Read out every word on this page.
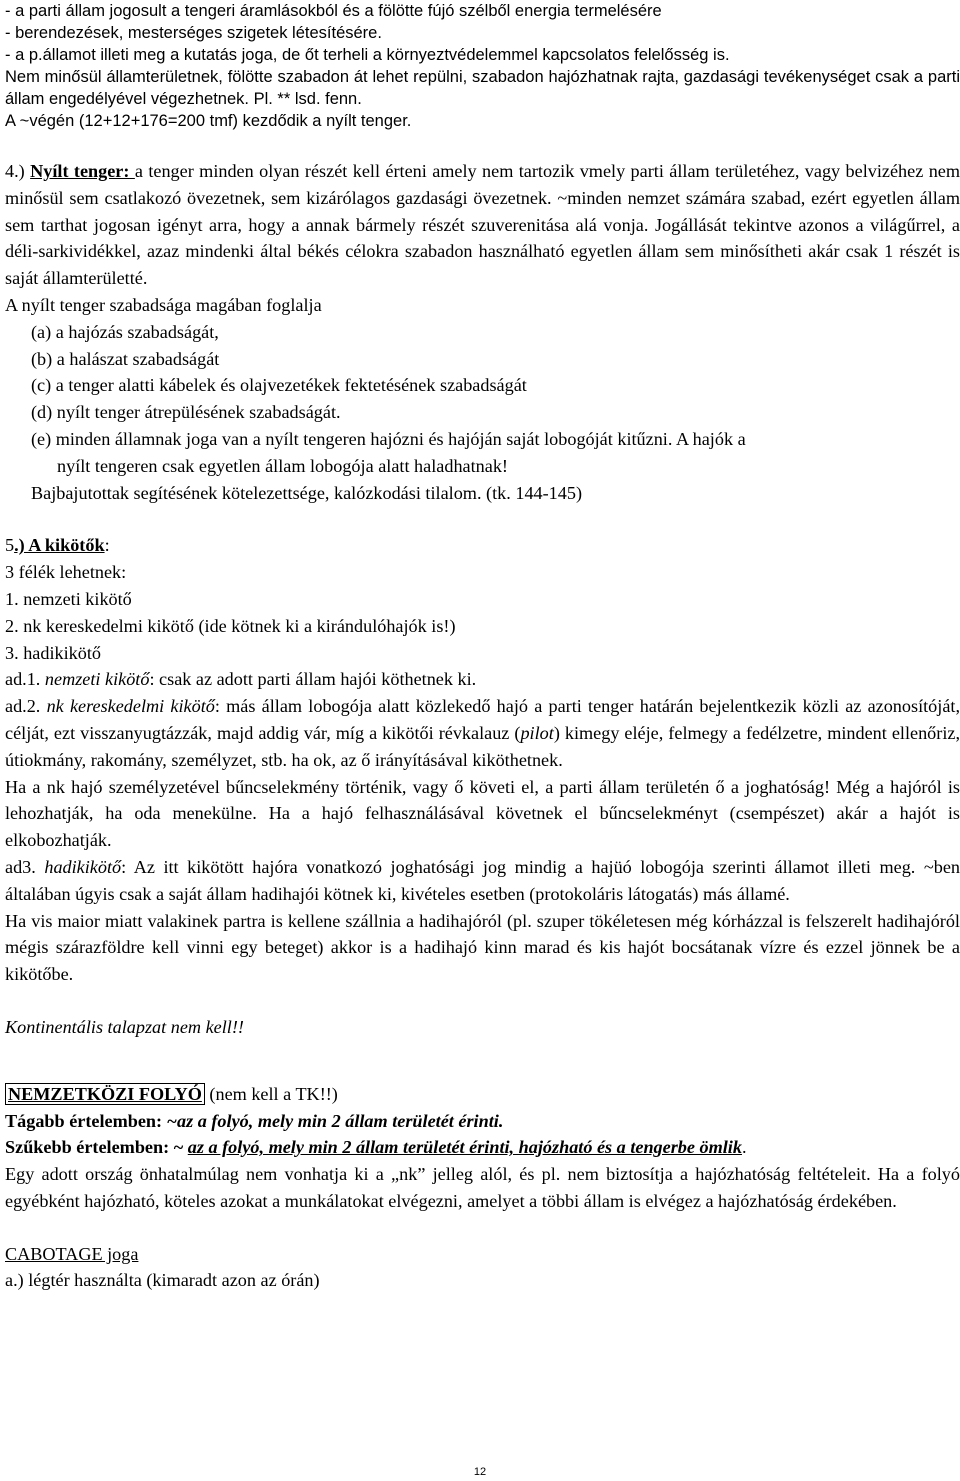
- a parti állam jogosult a tengeri áramlásokból és a fölötte fújó szélből energia termelésére

- berendezések, mesterséges szigetek létesítésére.

- a p.államot illeti meg a kutatás joga, de őt terheli a környeztvédelemmel kapcsolatos felelősség is.

Nem minősül államterületnek, fölötte szabadon át lehet repülni, szabadon hajózhatnak rajta, gazdasági tevékenységet csak a parti állam engedélyével végezhetnek. Pl. ** lsd. fenn.

A ~végén (12+12+176=200 tmf) kezdődik a nyílt tenger.

4.) Nyílt tenger: a tenger minden olyan részét kell érteni amely nem tartozik vmely parti állam területéhez, vagy belvizéhez nem minősül sem csatlakozó övezetnek, sem kizárólagos gazdasági övezetnek. ~minden nemzet számára szabad, ezért egyetlen állam sem tarthat jogosan igényt arra, hogy a annak bármely részét szuverenitása alá vonja. Jogállását tekintve azonos a világűrrel, a déli-sarkividékkel, azaz mindenki által békés célokra szabadon használható egyetlen állam sem minősítheti akár csak 1 részét is saját államterületté.

A nyílt tenger szabadsága magában foglalja

(a) a hajózás szabadságát,

(b) a halászat szabadságát

(c) a tenger alatti kábelek és olajvezetékek fektetésének szabadságát

(d) nyílt tenger átrepülésének szabadságát.

(e) minden államnak joga van a nyílt tengeren hajózni és hajóján saját lobogóját kitűzni. A hajók a

nyílt tengeren csak egyetlen állam lobogója alatt haladhatnak!

Bajbajutottak segítésének kötelezettsége, kalózkodási tilalom. (tk. 144-145)

5.) A kikötők:

3 félék lehetnek:

1. nemzeti kikötő

2. nk kereskedelmi kikötő (ide kötnek ki a kirándulóhajók is!)

3. hadikikötő

ad.1. nemzeti kikötő: csak az adott parti állam hajói köthetnek ki.

ad.2. nk kereskedelmi kikötő: más állam lobogója alatt közlekedő hajó a parti tenger határán bejelentkezik közli az azonosítóját, célját, ezt visszanyugtázzák, majd addig vár, míg a kikötői révkalauz (pilot) kimegy eléje, felmegy a fedélzetre, mindent ellenőriz, útiokmány, rakomány, személyzet, stb. ha ok, az ő irányításával kiköthetnek.

Ha a nk hajó személyzetével bűncselekmény történik, vagy ő követi el, a parti állam területén ő a joghatóság! Még a hajóról is lehozhatják, ha oda menekülne. Ha a hajó felhasználásával követnek el bűncselekményt (csempészet) akár a hajót is elkobozhatják.

ad3. hadikikötő: Az itt kikötött hajóra vonatkozó joghatósági jog mindig a hajüó lobogója szerinti államot illeti meg. ~ben általában úgyis csak a saját állam hadihajói kötnek ki, kivételes esetben (protokoláris látogatás) más államé.

Ha vis maior miatt valakinek partra is kellene szállnia a hadihajóról (pl. szuper tökéletesen még kórházzal is felszerelt hadihajóról mégis szárazföldre kell vinni egy beteget) akkor is a hadihajó kinn marad és kis hajót bocsátanak vízre és ezzel jönnek be a kikötőbe.

Kontinentális talapzat nem kell!!

NEMZETKÖZI FOLYÓ (nem kell a TK!!)

Tágabb értelemben: ~az a folyó, mely min 2 állam területét érinti.

Szűkebb értelemben: ~ az a folyó, mely min 2 állam területét érinti, hajózható és a tengerbe ömlik.

Egy adott ország önhatalmúlag nem vonhatja ki a „nk” jelleg alól, és pl. nem biztosítja a hajózhatóság feltételeit. Ha a folyó egyébként hajózható, köteles azokat a munkálatokat elvégezni, amelyet a többi állam is elvégez a hajózhatóság érdekében.

CABOTAGE joga

a.) légtér használta (kimaradt azon az órán)

12
